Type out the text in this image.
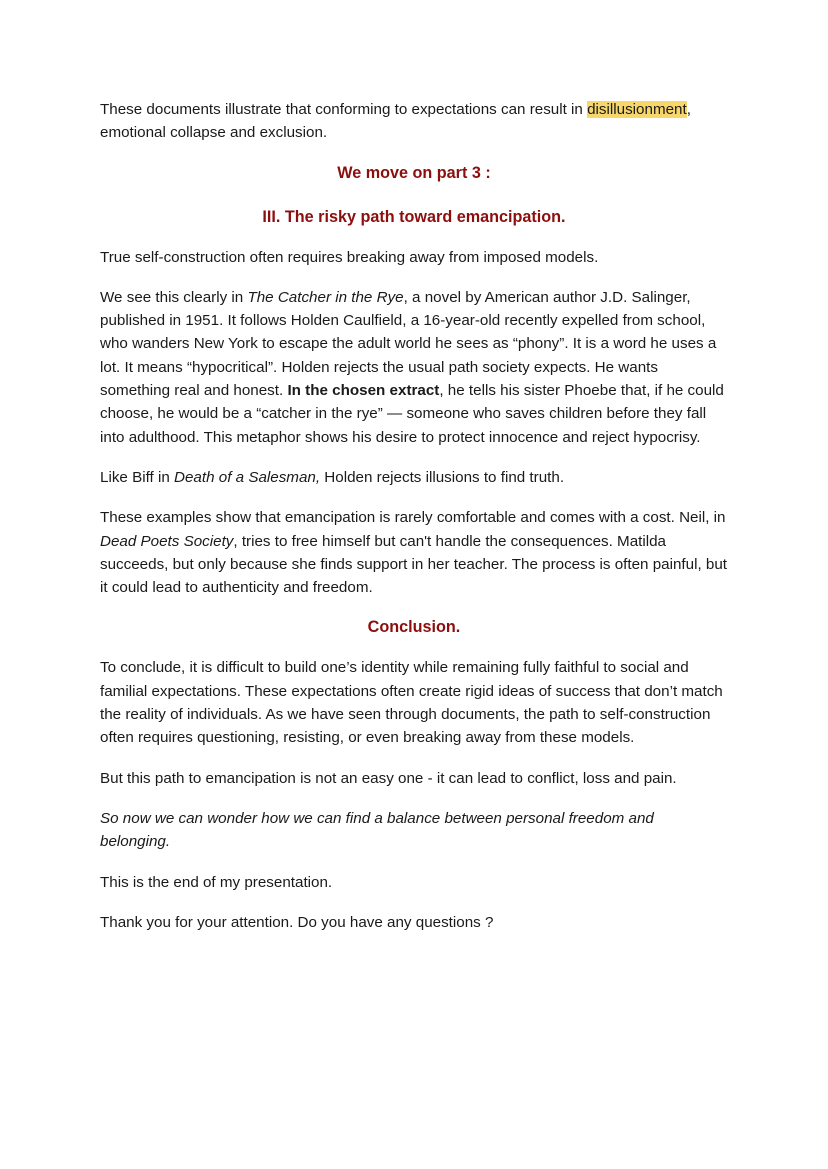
These documents illustrate that conforming to expectations can result in disillusionment, emotional collapse and exclusion.

We move on part 3 :
III. The risky path toward emancipation.

True self-construction often requires breaking away from imposed models.

We see this clearly in The Catcher in the Rye, a novel by American author J.D. Salinger, published in 1951. It follows Holden Caulfield, a 16-year-old recently expelled from school, who wanders New York to escape the adult world he sees as “phony”. It is a word he uses a lot. It means “hypocritical”. Holden rejects the usual path society expects. He wants something real and honest. In the chosen extract, he tells his sister Phoebe that, if he could choose, he would be a “catcher in the rye” — someone who saves children before they fall into adulthood. This metaphor shows his desire to protect innocence and reject hypocrisy.

Like Biff in Death of a Salesman, Holden rejects illusions to find truth.

These examples show that emancipation is rarely comfortable and comes with a cost. Neil, in Dead Poets Society, tries to free himself but can't handle the consequences. Matilda succeeds, but only because she finds support in her teacher. The process is often painful, but it could lead to authenticity and freedom.

Conclusion.

To conclude, it is difficult to build one’s identity while remaining fully faithful to social and familial expectations. These expectations often create rigid ideas of success that don’t match the reality of individuals. As we have seen through documents, the path to self-construction often requires questioning, resisting, or even breaking away from these models.

But this path to emancipation is not an easy one - it can lead to conflict, loss and pain.

So now we can wonder how we can find a balance between personal freedom and belonging.

This is the end of my presentation.

Thank you for your attention. Do you have any questions ?
